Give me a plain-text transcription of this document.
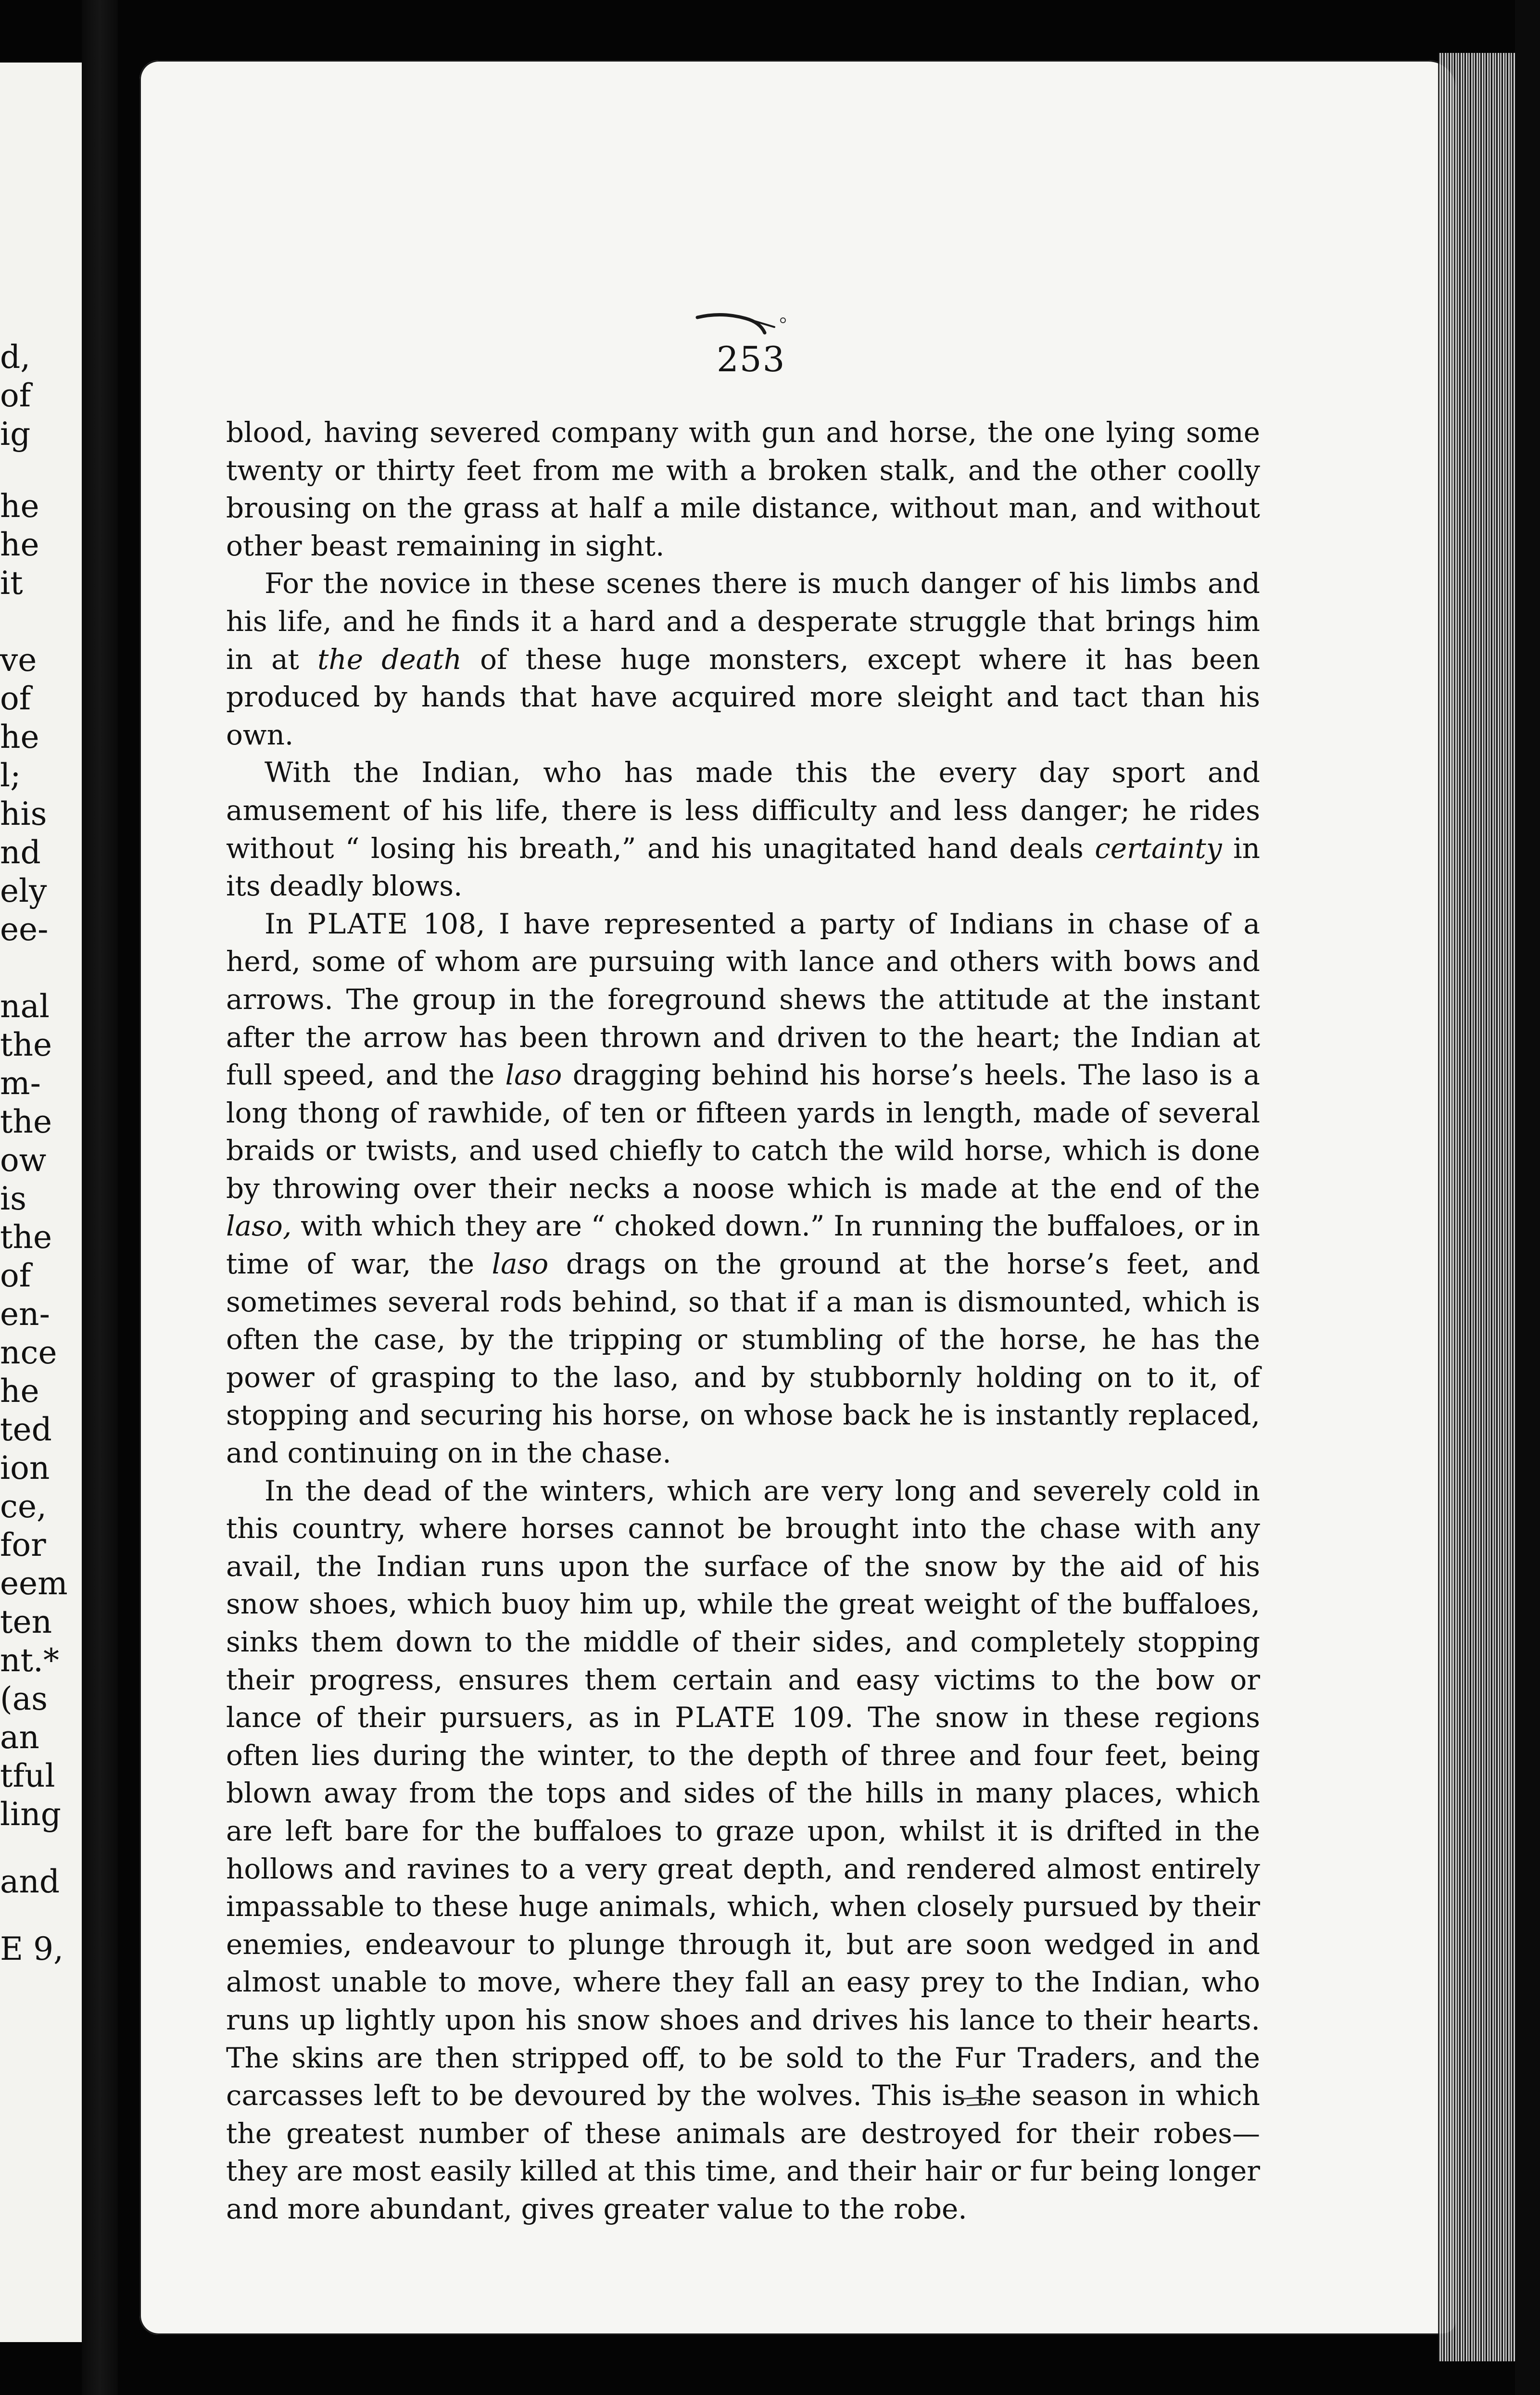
d,
of
ig
he
he
it
ve
of
he
l;
his
nd
ely
ee-
nal
the
m-
the
ow
is
the
of
en-
nce
he
ted
ion
ce,
for
eem
ten
nt.*
(as
an
tful
ling
and
E 9,
253

blood, having severed company with gun and horse, the one lying some twenty or thirty feet from me with a broken stalk, and the other coolly brousing on the grass at half a mile distance, without man, and without other beast remaining in sight.

For the novice in these scenes there is much danger of his limbs and his life, and he finds it a hard and a desperate struggle that brings him in at the death of these huge monsters, except where it has been produced by hands that have acquired more sleight and tact than his own.

With the Indian, who has made this the every day sport and amusement of his life, there is less difficulty and less danger; he rides without “ losing his breath,” and his unagitated hand deals certainty in its deadly blows.

In PLATE 108, I have represented a party of Indians in chase of a herd, some of whom are pursuing with lance and others with bows and arrows. The group in the foreground shews the attitude at the instant after the arrow has been thrown and driven to the heart; the Indian at full speed, and the laso dragging behind his horse’s heels. The laso is a long thong of rawhide, of ten or fifteen yards in length, made of several braids or twists, and used chiefly to catch the wild horse, which is done by throwing over their necks a noose which is made at the end of the laso, with which they are “ choked down.” In running the buffaloes, or in time of war, the laso drags on the ground at the horse’s feet, and sometimes several rods behind, so that if a man is dismounted, which is often the case, by the tripping or stumbling of the horse, he has the power of grasping to the laso, and by stubbornly holding on to it, of stopping and securing his horse, on whose back he is instantly replaced, and continuing on in the chase.

In the dead of the winters, which are very long and severely cold in this country, where horses cannot be brought into the chase with any avail, the Indian runs upon the surface of the snow by the aid of his snow shoes, which buoy him up, while the great weight of the buffaloes, sinks them down to the middle of their sides, and completely stopping their progress, ensures them certain and easy victims to the bow or lance of their pursuers, as in PLATE 109. The snow in these regions often lies during the winter, to the depth of three and four feet, being blown away from the tops and sides of the hills in many places, which are left bare for the buffaloes to graze upon, whilst it is drifted in the hollows and ravines to a very great depth, and rendered almost entirely impassable to these huge animals, which, when closely pursued by their enemies, endeavour to plunge through it, but are soon wedged in and almost unable to move, where they fall an easy prey to the Indian, who runs up lightly upon his snow shoes and drives his lance to their hearts. The skins are then stripped off, to be sold to the Fur Traders, and the carcasses left to be devoured by the wolves. This is the season in which the greatest number of these animals are destroyed for their robes— they are most easily killed at this time, and their hair or fur being longer and more abundant, gives greater value to the robe.
